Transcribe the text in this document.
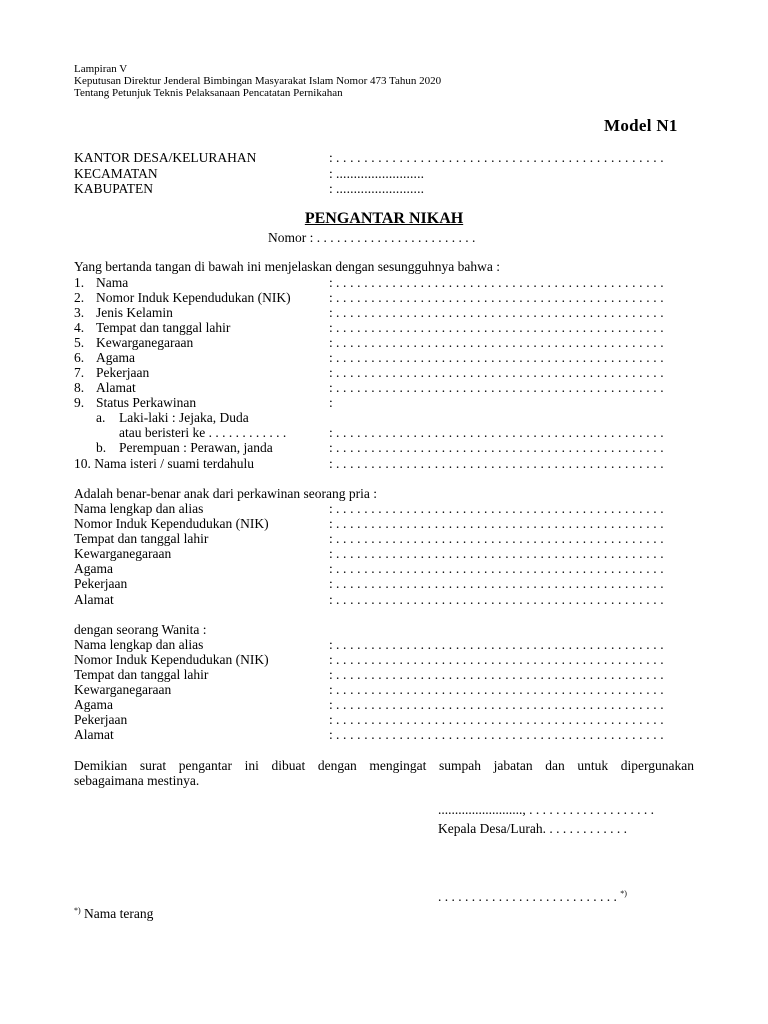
Lampiran V
Keputusan Direktur Jenderal Bimbingan Masyarakat Islam Nomor 473 Tahun 2020
Tentang Petunjuk Teknis Pelaksanaan Pencatatan Pernikahan
Model N1
KANTOR DESA/KELURAHAN	: . . . . . . . . . . . . . . . . . . . . . . . . . . . . . . . . . . . . . . . . . . . . . . .
KECAMATAN	: .........................
KABUPATEN	: .........................
PENGANTAR NIKAH
Nomor : . . . . . . . . . . . . . . . . . . . . . . . .
Yang bertanda tangan di bawah ini menjelaskan dengan sesungguhnya bahwa :
1. Nama	: . . . . . . . . . . . . . . . . . . . . . . . . . . . . . . . . . . . . . . . . . . . . . . .
2. Nomor Induk Kependudukan (NIK)	: . . . . . . . . . . . . . . . . . . . . . . . . . . . . . . . . . . . . . . . . . . . . . . .
3. Jenis Kelamin	: . . . . . . . . . . . . . . . . . . . . . . . . . . . . . . . . . . . . . . . . . . . . . . .
4. Tempat dan tanggal lahir	: . . . . . . . . . . . . . . . . . . . . . . . . . . . . . . . . . . . . . . . . . . . . . . .
5. Kewarganegaraan	: . . . . . . . . . . . . . . . . . . . . . . . . . . . . . . . . . . . . . . . . . . . . . . .
6. Agama	: . . . . . . . . . . . . . . . . . . . . . . . . . . . . . . . . . . . . . . . . . . . . . . .
7. Pekerjaan	: . . . . . . . . . . . . . . . . . . . . . . . . . . . . . . . . . . . . . . . . . . . . . . .
8. Alamat	: . . . . . . . . . . . . . . . . . . . . . . . . . . . . . . . . . . . . . . . . . . . . . . .
9. Status Perkawinan	:
a. Laki-laki : Jejaka, Duda
atau beristeri ke . . . . . . . . . . . .	: . . . . . . . . . . . . . . . . . . . . . . . . . . . . . . . . . . . . . . . . . . . . . . .
b. Perempuan : Perawan, janda	: . . . . . . . . . . . . . . . . . . . . . . . . . . . . . . . . . . . . . . . . . . . . . . .
10. Nama isteri / suami terdahulu	: . . . . . . . . . . . . . . . . . . . . . . . . . . . . . . . . . . . . . . . . . . . . . . .
Adalah benar-benar anak dari perkawinan seorang pria :
Nama lengkap dan alias	: . . . . . . . . . . . . . . . . . . . . . . . . . . . . . . . . . . . . . . . . . . . . . . .
Nomor Induk Kependudukan (NIK)	: . . . . . . . . . . . . . . . . . . . . . . . . . . . . . . . . . . . . . . . . . . . . . . .
Tempat dan tanggal lahir	: . . . . . . . . . . . . . . . . . . . . . . . . . . . . . . . . . . . . . . . . . . . . . . .
Kewarganegaraan	: . . . . . . . . . . . . . . . . . . . . . . . . . . . . . . . . . . . . . . . . . . . . . . .
Agama	: . . . . . . . . . . . . . . . . . . . . . . . . . . . . . . . . . . . . . . . . . . . . . . .
Pekerjaan	: . . . . . . . . . . . . . . . . . . . . . . . . . . . . . . . . . . . . . . . . . . . . . . .
Alamat	: . . . . . . . . . . . . . . . . . . . . . . . . . . . . . . . . . . . . . . . . . . . . . . .
dengan seorang Wanita :
Nama lengkap dan alias	: . . . . . . . . . . . . . . . . . . . . . . . . . . . . . . . . . . . . . . . . . . . . . . .
Nomor Induk Kependudukan (NIK)	: . . . . . . . . . . . . . . . . . . . . . . . . . . . . . . . . . . . . . . . . . . . . . . .
Tempat dan tanggal lahir	: . . . . . . . . . . . . . . . . . . . . . . . . . . . . . . . . . . . . . . . . . . . . . . .
Kewarganegaraan	: . . . . . . . . . . . . . . . . . . . . . . . . . . . . . . . . . . . . . . . . . . . . . . .
Agama	: . . . . . . . . . . . . . . . . . . . . . . . . . . . . . . . . . . . . . . . . . . . . . . .
Pekerjaan	: . . . . . . . . . . . . . . . . . . . . . . . . . . . . . . . . . . . . . . . . . . . . . . .
Alamat	: . . . . . . . . . . . . . . . . . . . . . . . . . . . . . . . . . . . . . . . . . . . . . . .
Demikian surat pengantar ini dibuat dengan mengingat sumpah jabatan dan untuk dipergunakan
sebagaimana mestinya.
........................., . . . . . . . . . . . . . . . . . . .
Kepala Desa/Lurah. . . . . . . . . . . . .
. . . . . . . . . . . . . . . . . . . . . . . . . . . *)
*) Nama terang
